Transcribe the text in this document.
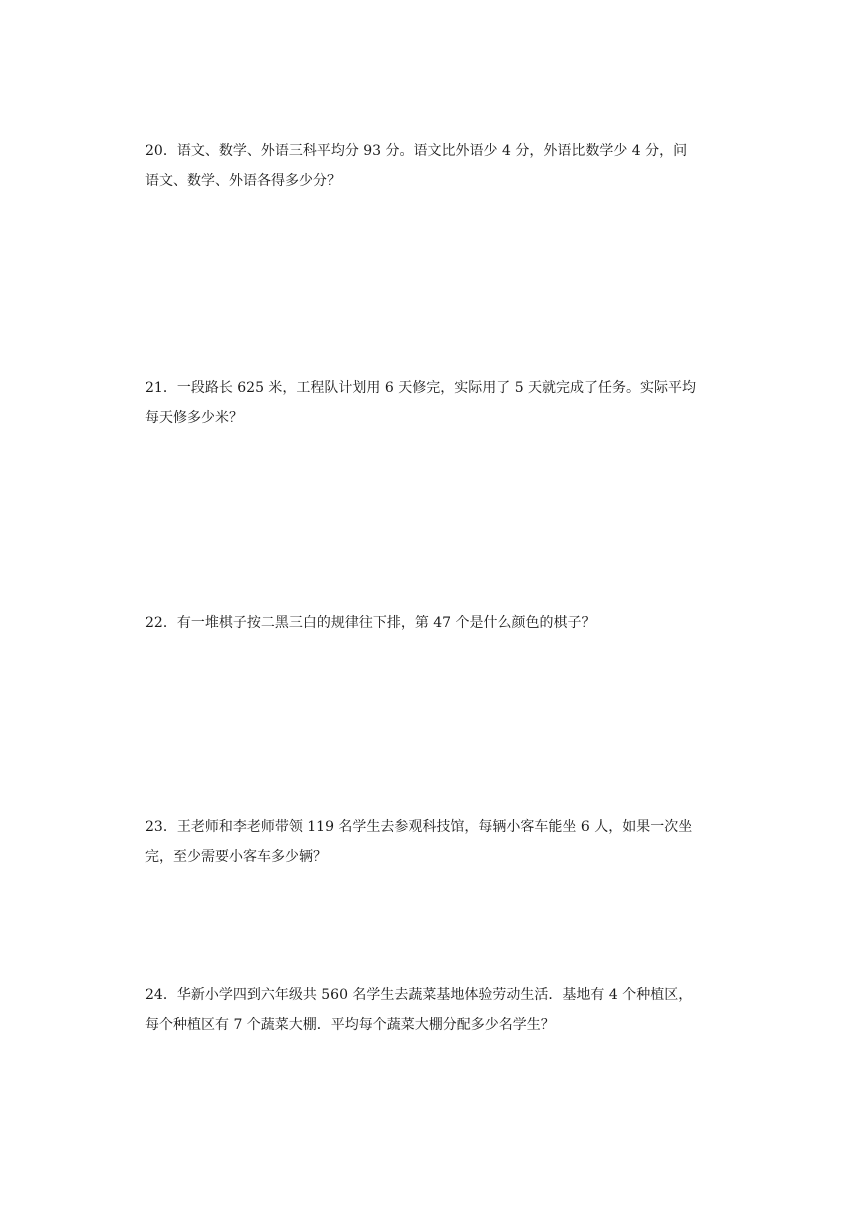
20．语文、数学、外语三科平均分 93 分。语文比外语少 4 分，外语比数学少 4 分，问

语文、数学、外语各得多少分？

21．一段路长 625 米，工程队计划用 6 天修完，实际用了 5 天就完成了任务。实际平均

每天修多少米？

22．有一堆棋子按二黑三白的规律往下排，第 47 个是什么颜色的棋子？

23．王老师和李老师带领 119 名学生去参观科技馆，每辆小客车能坐 6 人，如果一次坐

完，至少需要小客车多少辆？

24．华新小学四到六年级共 560 名学生去蔬菜基地体验劳动生活．基地有 4 个种植区，

每个种植区有 7 个蔬菜大棚．平均每个蔬菜大棚分配多少名学生？
